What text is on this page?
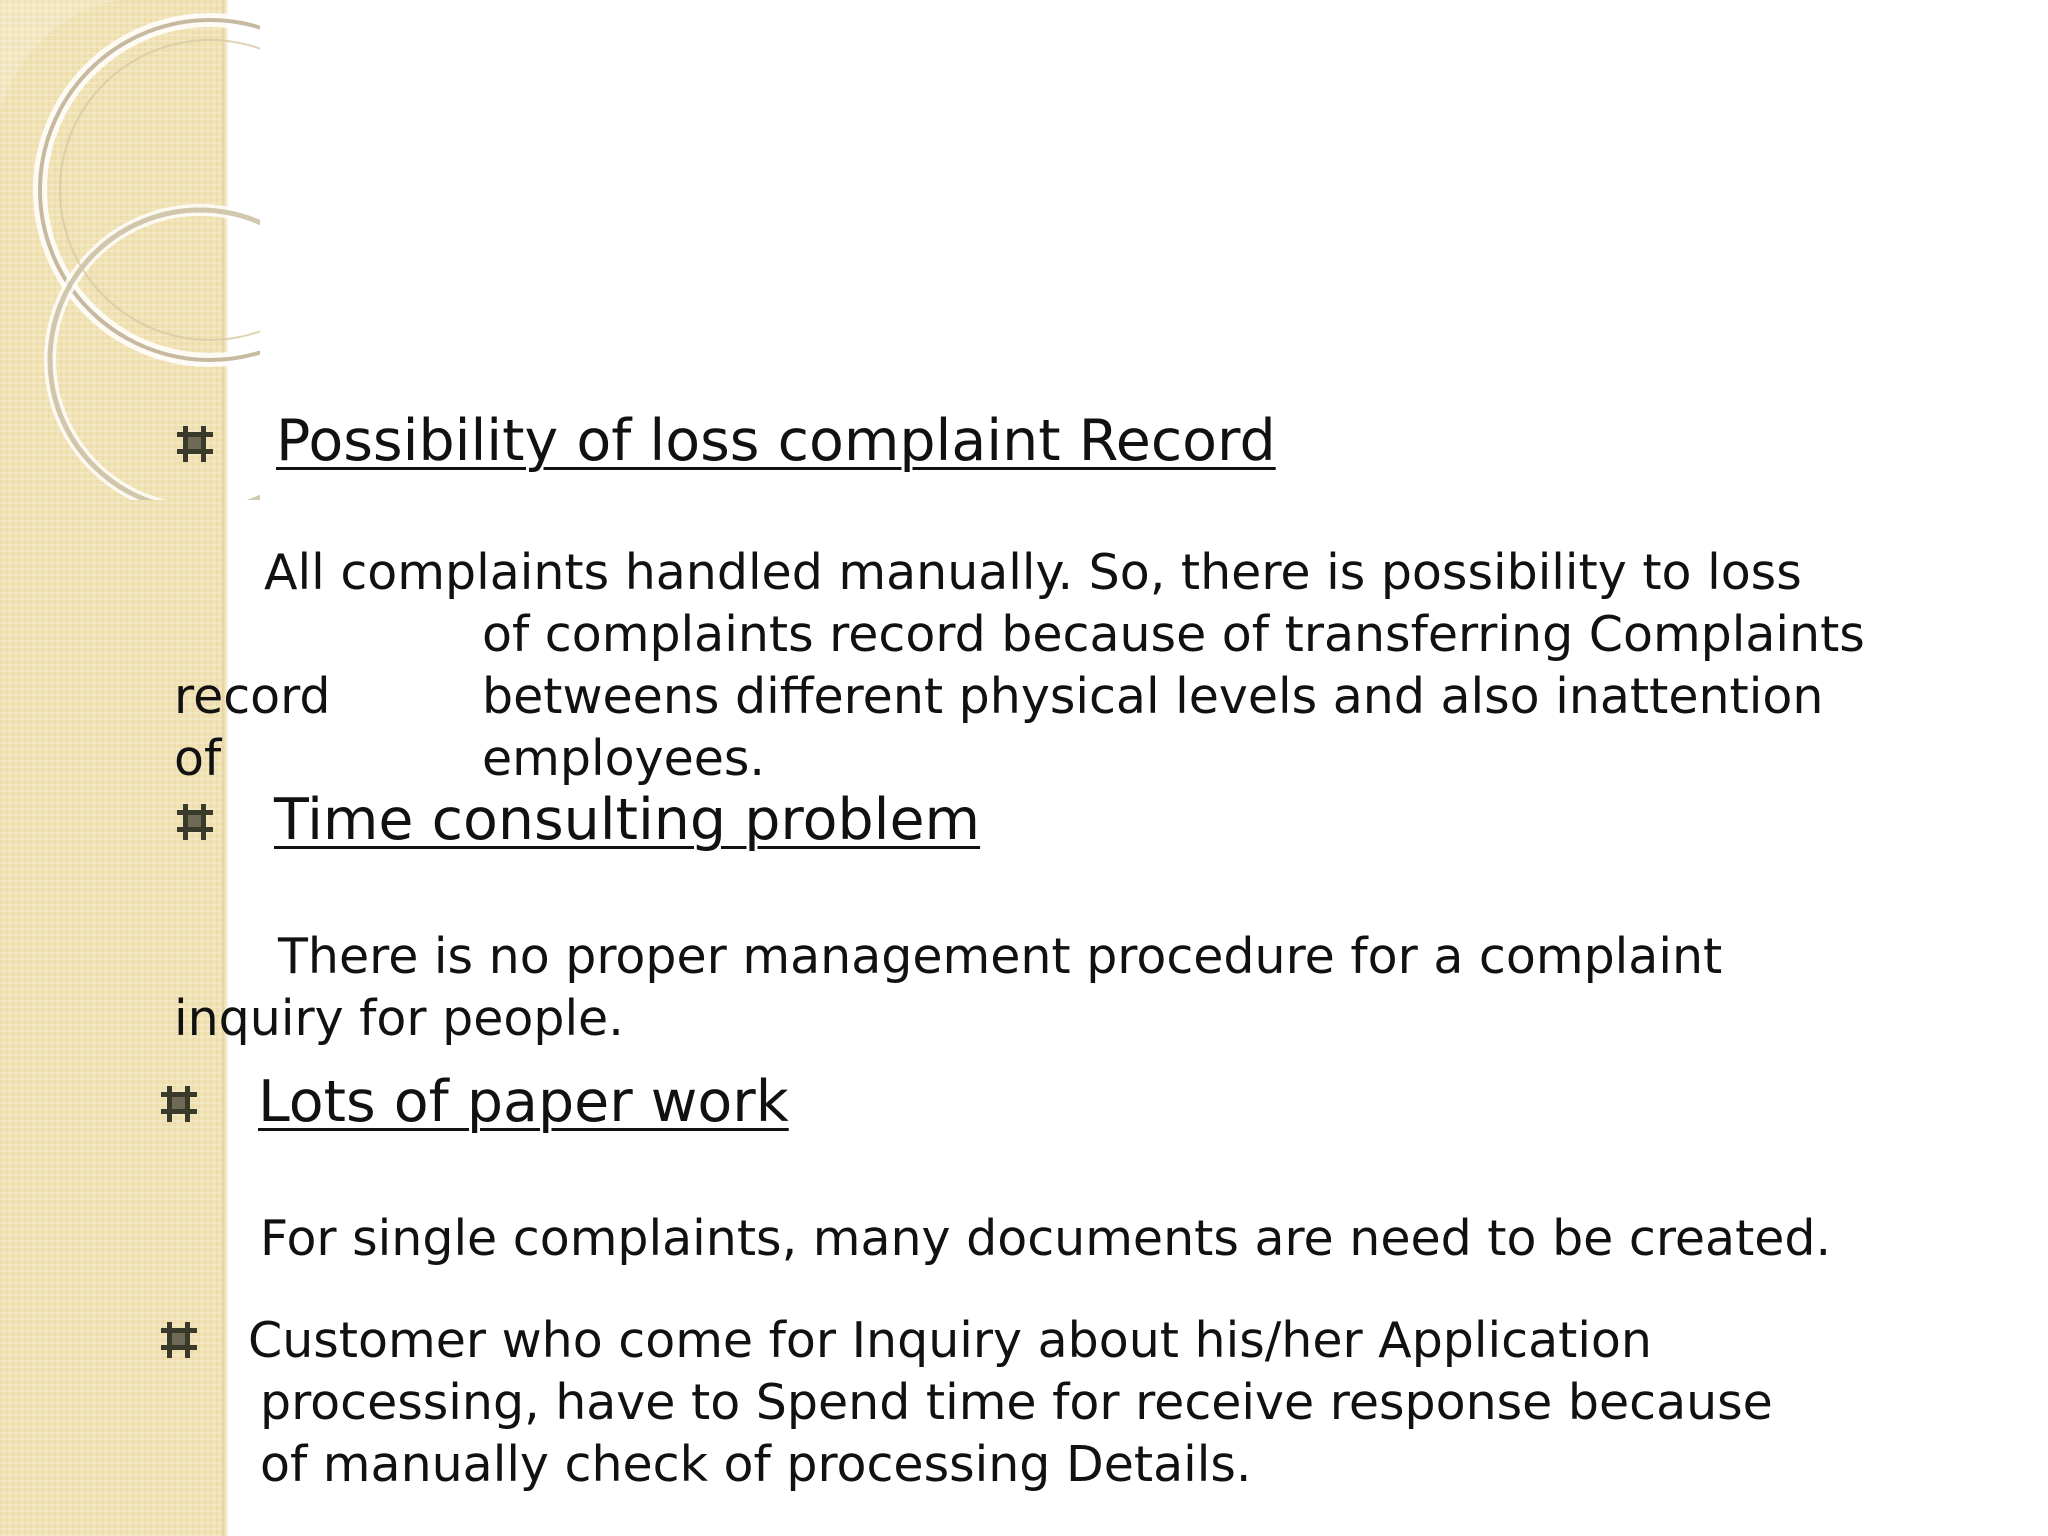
Possibility of loss complaint Record
All complaints handled manually. So, there is possibility to loss
of complaints record because of transferring Complaints
record	betweens different physical levels and also inattention
of	employees.
Time consulting problem
There is no proper management procedure for a complaint
inquiry for people.
Lots of paper work
For single complaints, many documents are need to be created.
Customer who come for Inquiry about his/her Application
processing, have to Spend time for receive response because
of manually check of processing Details.
